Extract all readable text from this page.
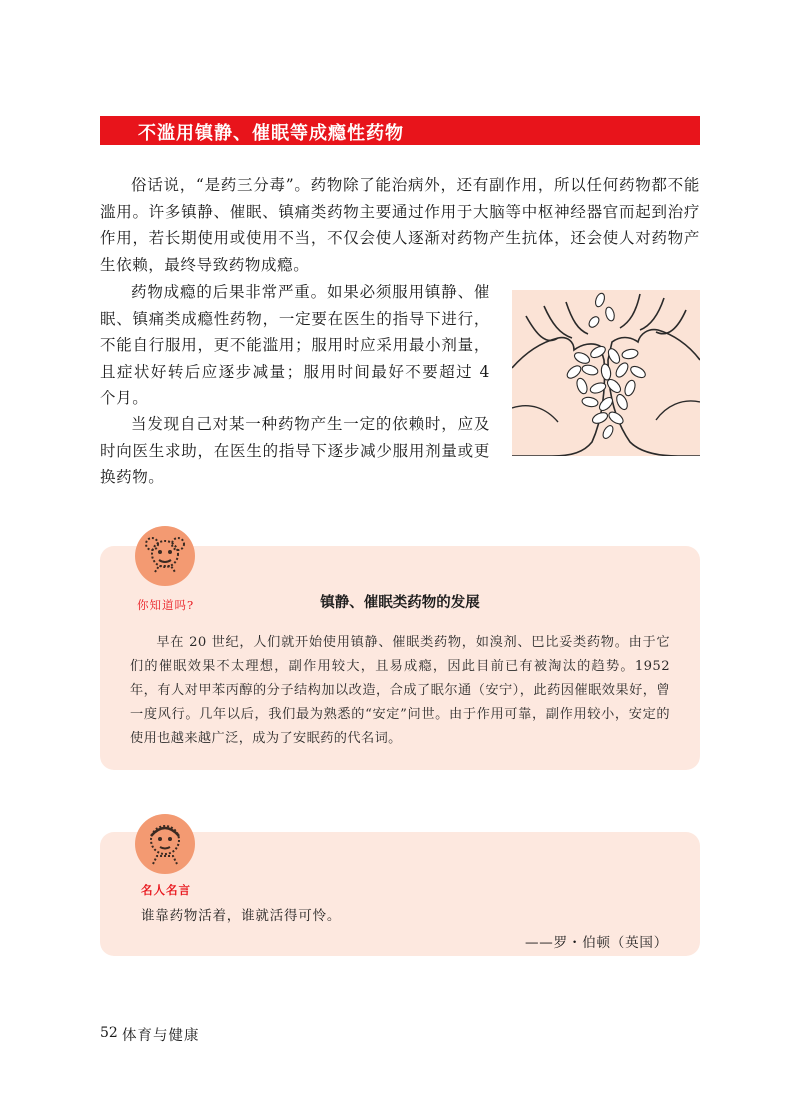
不滥用镇静、催眠等成瘾性药物

俗话说，“是药三分毒”。药物除了能治病外，还有副作用，所以任何药物都不能滥用。许多镇静、催眠、镇痛类药物主要通过作用于大脑等中枢神经器官而起到治疗作用，若长期使用或使用不当，不仅会使人逐渐对药物产生抗体，还会使人对药物产生依赖，最终导致药物成瘾。

药物成瘾的后果非常严重。如果必须服用镇静、催眠、镇痛类成瘾性药物，一定要在医生的指导下进行，不能自行服用，更不能滥用；服用时应采用最小剂量，且症状好转后应逐步减量；服用时间最好不要超过 4 个月。

当发现自己对某一种药物产生一定的依赖时，应及时向医生求助，在医生的指导下逐步减少服用剂量或更换药物。

你知道吗?	镇静、催眠类药物的发展

早在 20 世纪，人们就开始使用镇静、催眠类药物，如溴剂、巴比妥类药物。由于它们的催眠效果不太理想，副作用较大，且易成瘾，因此目前已有被淘汰的趋势。1952 年，有人对甲苯丙醇的分子结构加以改造，合成了眠尔通（安宁），此药因催眠效果好，曾一度风行。几年以后，我们最为熟悉的“安定”问世。由于作用可靠，副作用较小，安定的使用也越来越广泛，成为了安眠药的代名词。

名人名言
谁靠药物活着，谁就活得可怜。
——罗・伯顿（英国）
52 体育与健康
